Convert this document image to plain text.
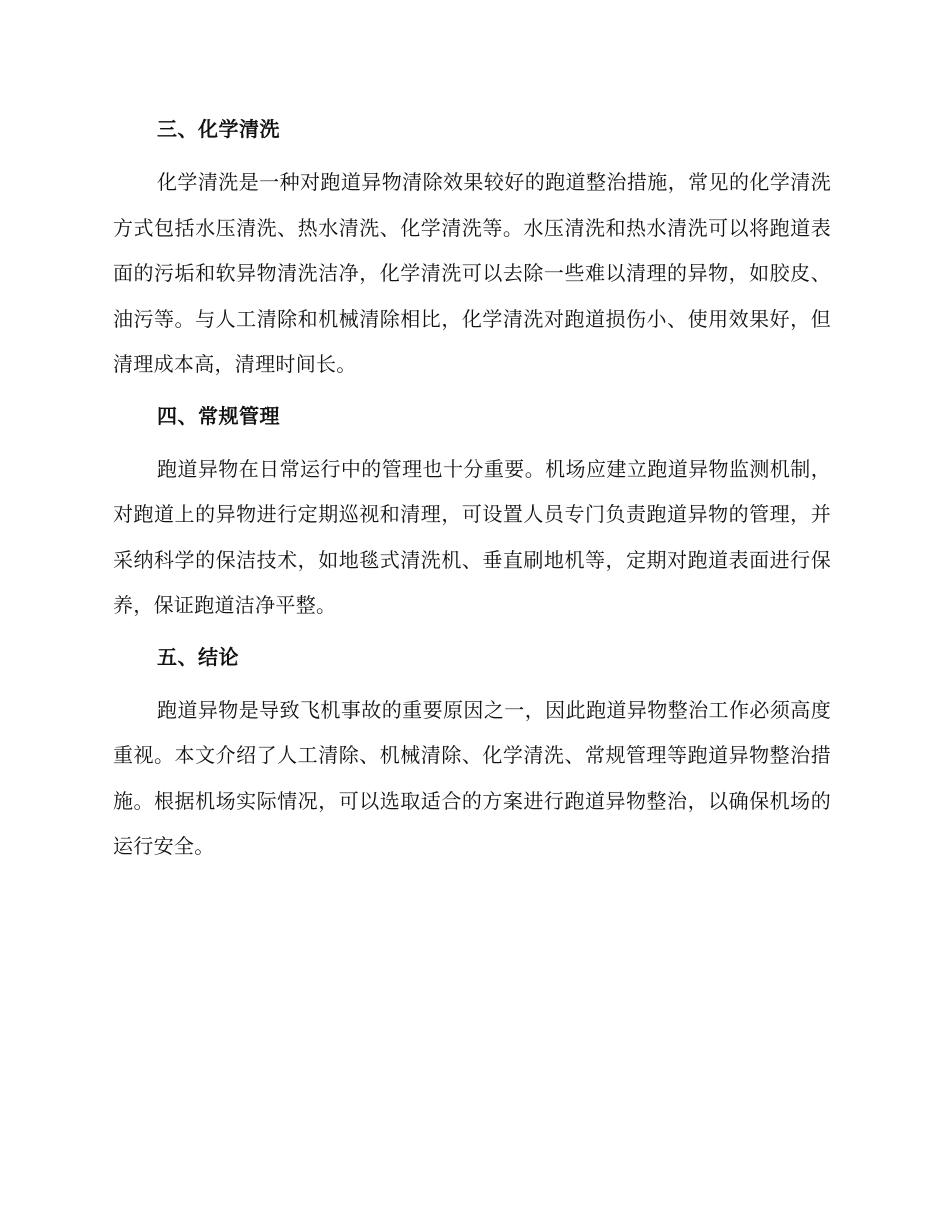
三、化学清洗

化学清洗是一种对跑道异物清除效果较好的跑道整治措施，常见的化学清洗方式包括水压清洗、热水清洗、化学清洗等。水压清洗和热水清洗可以将跑道表面的污垢和软异物清洗洁净，化学清洗可以去除一些难以清理的异物，如胶皮、油污等。与人工清除和机械清除相比，化学清洗对跑道损伤小、使用效果好，但清理成本高，清理时间长。

四、常规管理

跑道异物在日常运行中的管理也十分重要。机场应建立跑道异物监测机制，对跑道上的异物进行定期巡视和清理，可设置人员专门负责跑道异物的管理，并采纳科学的保洁技术，如地毯式清洗机、垂直刷地机等，定期对跑道表面进行保养，保证跑道洁净平整。

五、结论

跑道异物是导致飞机事故的重要原因之一，因此跑道异物整治工作必须高度重视。本文介绍了人工清除、机械清除、化学清洗、常规管理等跑道异物整治措施。根据机场实际情况，可以选取适合的方案进行跑道异物整治，以确保机场的运行安全。
